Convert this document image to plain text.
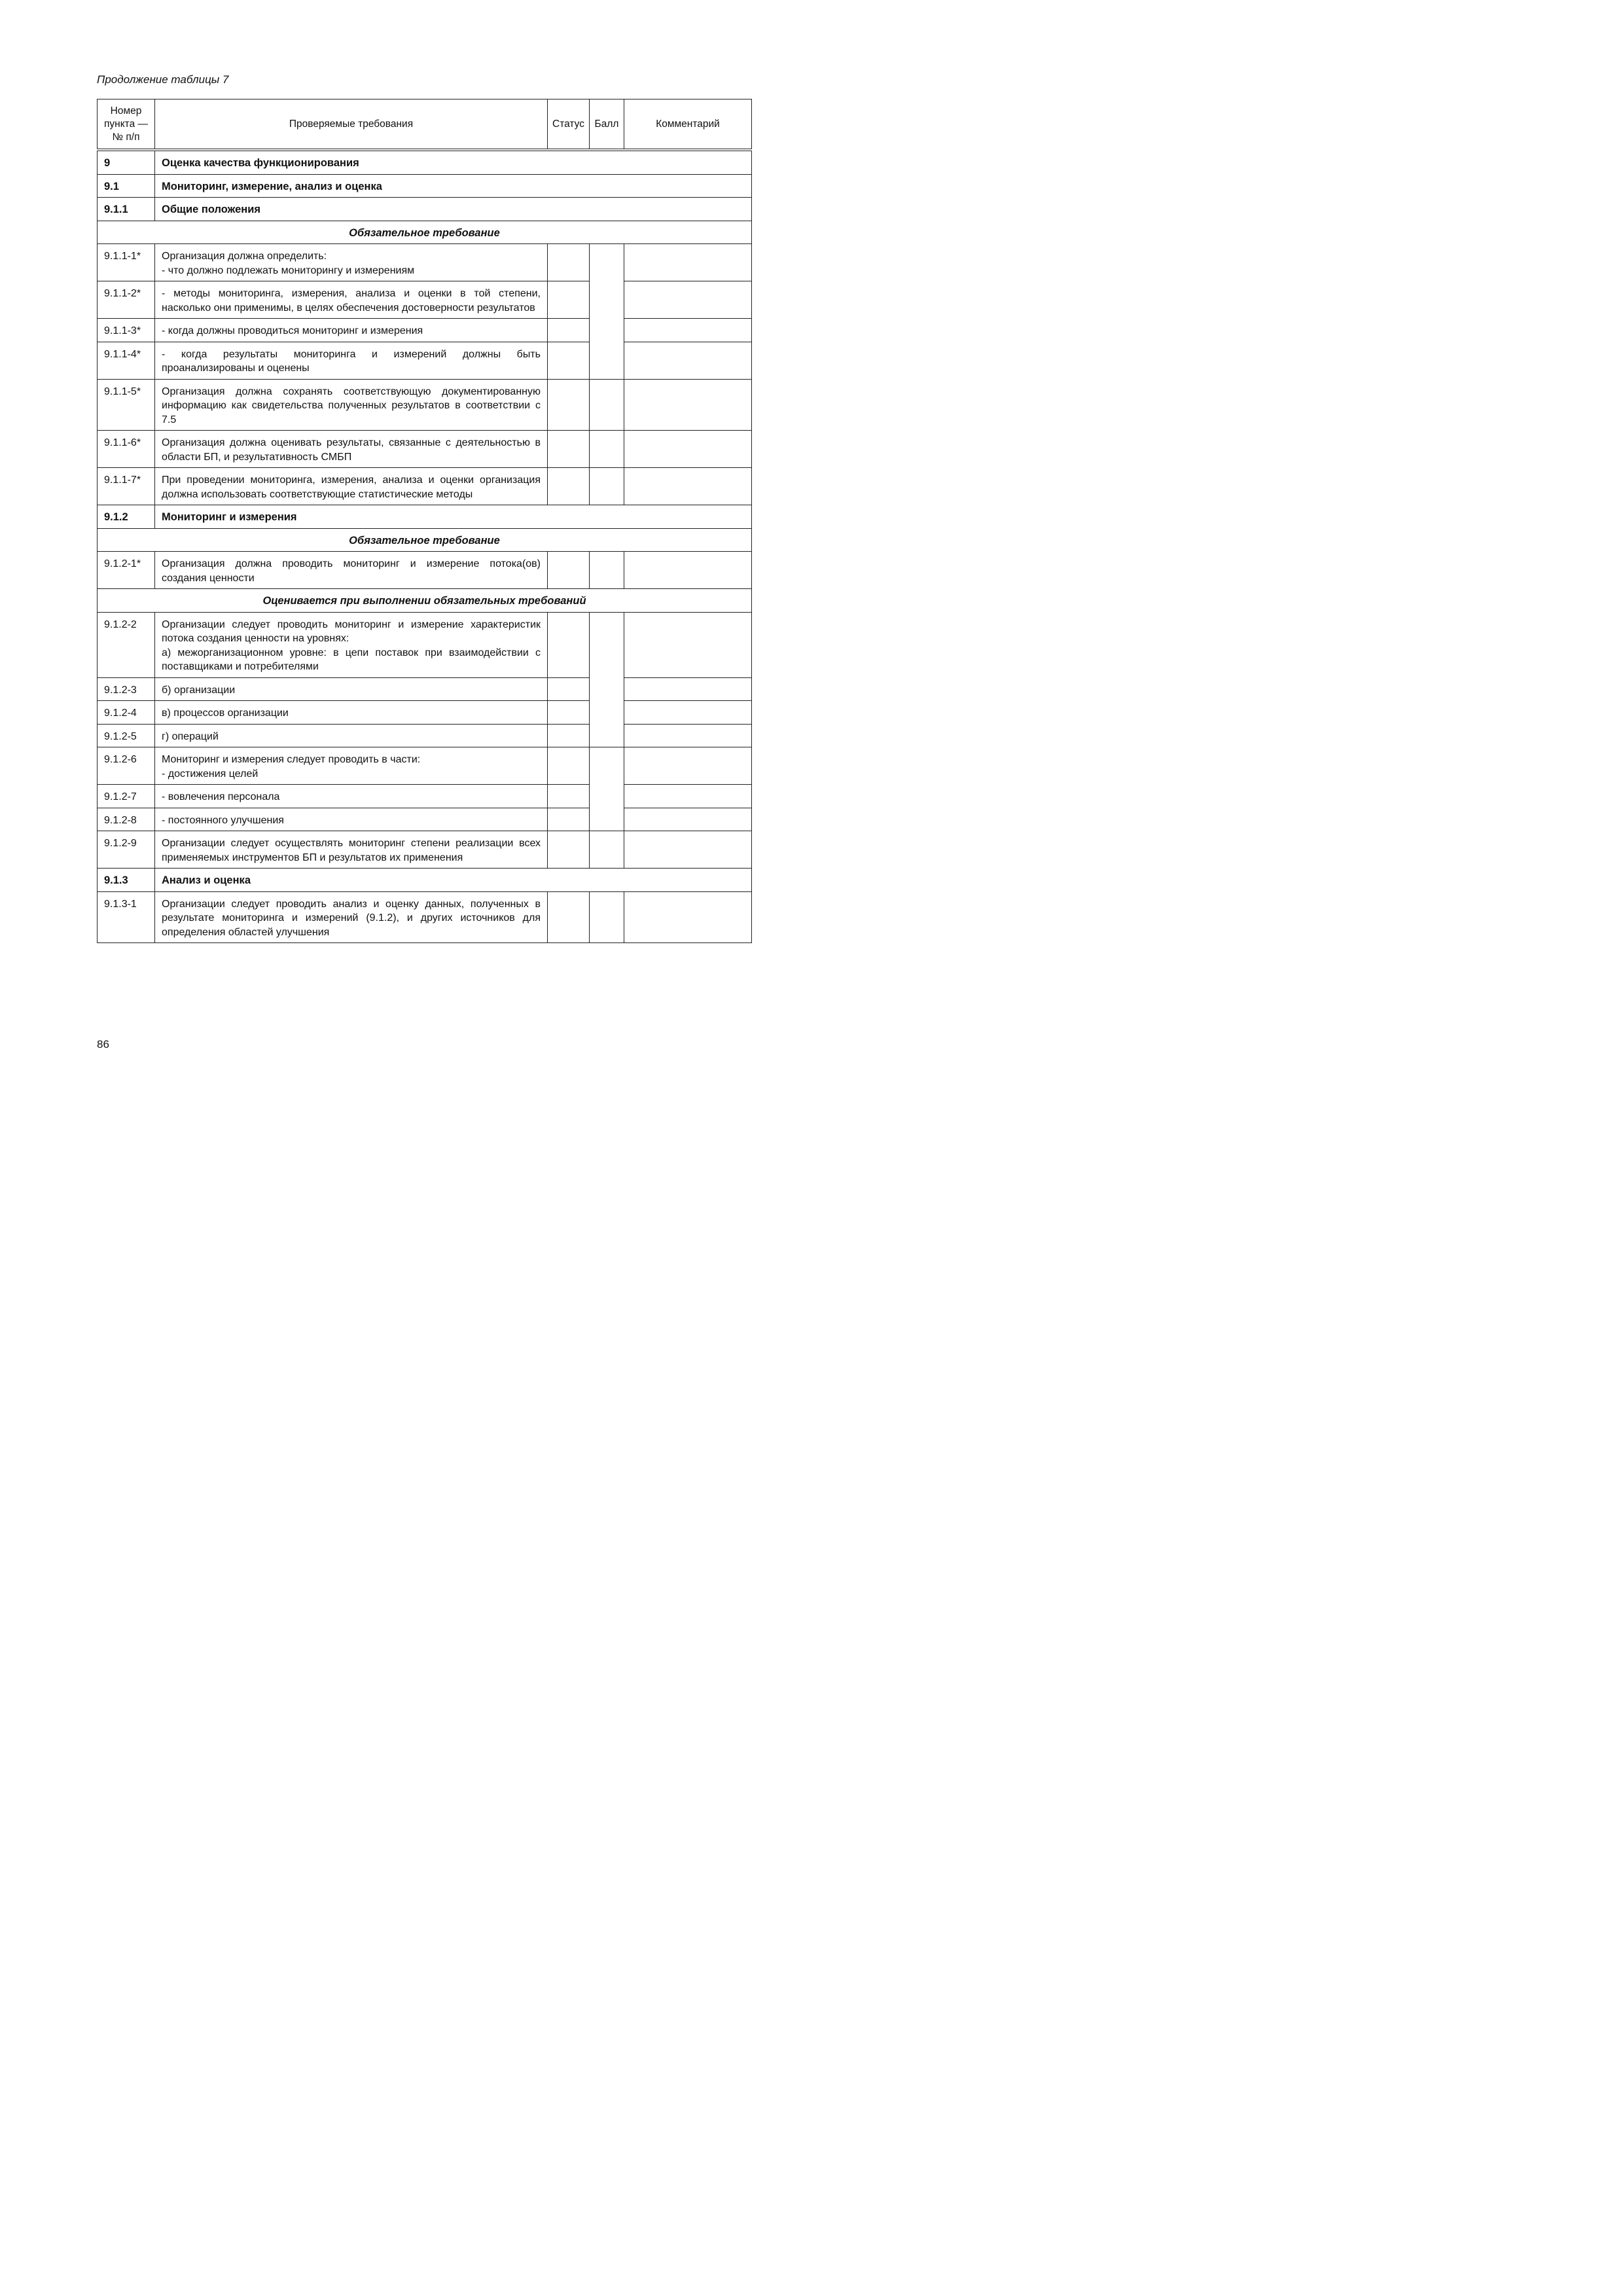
Продолжение таблицы 7
Номер
пункта —
№ п/п	Проверяемые требования	Статус	Балл	Комментарий
9	Оценка качества функционирования			
9.1	Мониторинг, измерение, анализ и оценка			
9.1.1	Общие положения			
Обязательное требование				
9.1.1-1*	Организация должна определить:
- что должно подлежать мониторингу и измерениям			
9.1.1-2*	- методы мониторинга, измерения, анализа и оценки в той степени, насколько они применимы, в целях обеспечения достоверности результатов			
9.1.1-3*	- когда должны проводиться мониторинг и измерения			
9.1.1-4*	- когда результаты мониторинга и измерений должны быть проанализированы и оценены			
9.1.1-5*	Организация должна сохранять соответствующую документированную информацию как свидетельства полученных результатов в соответствии с 7.5			
9.1.1-6*	Организация должна оценивать результаты, связанные с деятельностью в области БП, и результативность СМБП			
9.1.1-7*	При проведении мониторинга, измерения, анализа и оценки организация должна использовать соответствующие статистические методы			
9.1.2	Мониторинг и измерения			
Обязательное требование				
9.1.2-1*	Организация должна проводить мониторинг и измерение потока(ов) создания ценности			
Оценивается при выполнении обязательных требований				
9.1.2-2	Организации следует проводить мониторинг и измерение характеристик потока создания ценности на уровнях:
а) межорганизационном уровне: в цепи поставок при взаимодействии с поставщиками и потребителями			
9.1.2-3	б) организации			
9.1.2-4	в) процессов организации			
9.1.2-5	г) операций			
9.1.2-6	Мониторинг и измерения следует проводить в части:
- достижения целей			
9.1.2-7	- вовлечения персонала			
9.1.2-8	- постоянного улучшения			
9.1.2-9	Организации следует осуществлять мониторинг степени реализации всех применяемых инструментов БП и результатов их применения			
9.1.3	Анализ и оценка			
9.1.3-1	Организации следует проводить анализ и оценку данных, полученных в результате мониторинга и измерений (9.1.2), и других источников для определения областей улучшения			
86
